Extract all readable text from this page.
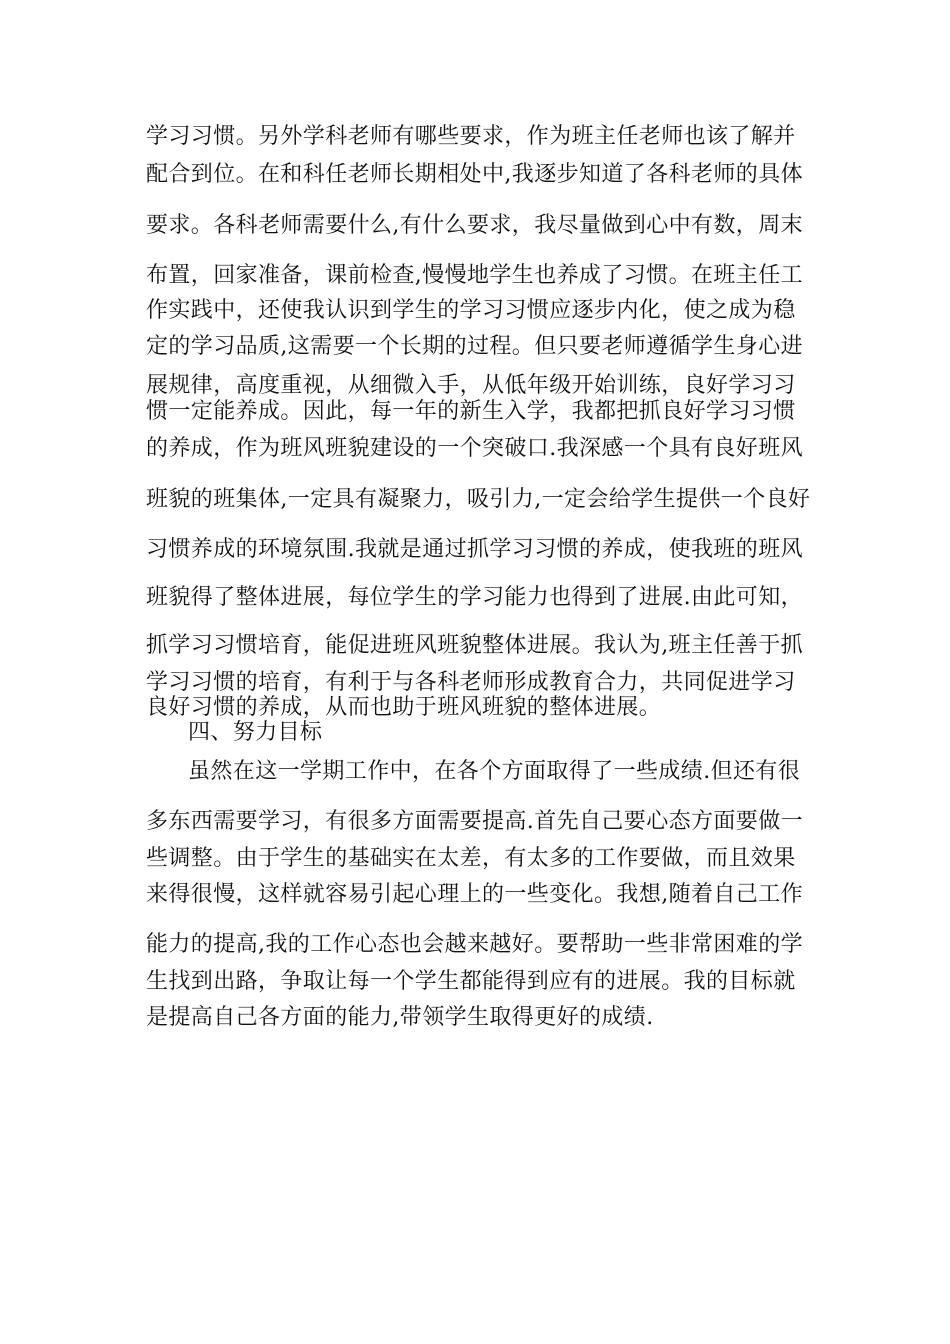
学习习惯。另外学科老师有哪些要求，作为班主任老师也该了解并
配合到位。在和科任老师长期相处中,我逐步知道了各科老师的具体
要求。各科老师需要什么,有什么要求，我尽量做到心中有数，周末
布置，回家准备，课前检查,慢慢地学生也养成了习惯。在班主任工
作实践中，还使我认识到学生的学习习惯应逐步内化，使之成为稳
定的学习品质,这需要一个长期的过程。但只要老师遵循学生身心进
展规律，高度重视，从细微入手，从低年级开始训练，良好学习习
惯一定能养成。因此，每一年的新生入学，我都把抓良好学习习惯
的养成，作为班风班貌建设的一个突破口.我深感一个具有良好班风
班貌的班集体,一定具有凝聚力，吸引力,一定会给学生提供一个良好
习惯养成的环境氛围.我就是通过抓学习习惯的养成，使我班的班风
班貌得了整体进展，每位学生的学习能力也得到了进展.由此可知，
抓学习习惯培育，能促进班风班貌整体进展。我认为,班主任善于抓
学习习惯的培育，有利于与各科老师形成教育合力，共同促进学习
良好习惯的养成，从而也助于班风班貌的整体进展。
四、努力目标
虽然在这一学期工作中，在各个方面取得了一些成绩.但还有很
多东西需要学习，有很多方面需要提高.首先自己要心态方面要做一
些调整。由于学生的基础实在太差，有太多的工作要做，而且效果
来得很慢，这样就容易引起心理上的一些变化。我想,随着自己工作
能力的提高,我的工作心态也会越来越好。要帮助一些非常困难的学
生找到出路，争取让每一个学生都能得到应有的进展。我的目标就
是提高自己各方面的能力,带领学生取得更好的成绩.
